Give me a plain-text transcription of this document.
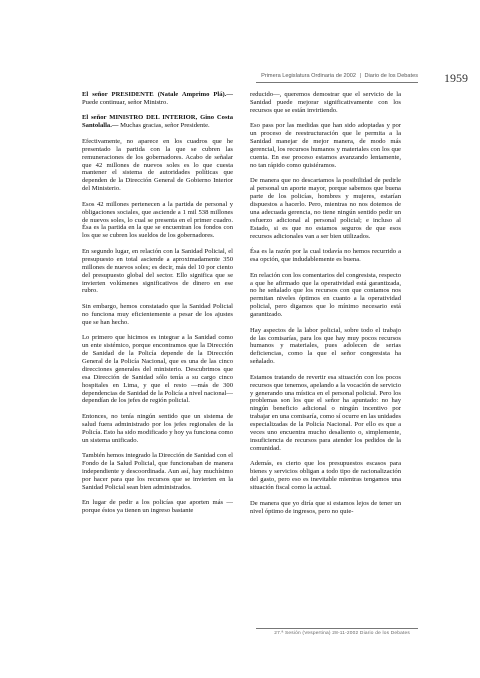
Primera Legislatura Ordinaria de 2002 | Diario de los Debates 1959

El señor PRESIDENTE (Natale Amprimo Plá).— Puede continuar, señor Ministro.

El señor MINISTRO DEL INTERIOR, Gino Costa Santolalla.— Muchas gracias, señor Presidente.

Efectivamente, no aparece en los cuadros que he presentado la partida con la que se cubren las remuneraciones de los gobernadores. Acabo de señalar que 42 millones de nuevos soles es lo que cuesta mantener el sistema de autoridades políticas que dependen de la Dirección General de Gobierno Interior del Ministerio.

Esos 42 millones pertenecen a la partida de personal y obligaciones sociales, que asciende a 1 mil 538 millones de nuevos soles, lo cual se presenta en el primer cuadro. Ésa es la partida en la que se encuentran los fondos con los que se cubren los sueldos de los gobernadores.

En segundo lugar, en relación con la Sanidad Policial, el presupuesto en total asciende a aproximadamente 350 millones de nuevos soles; es decir, más del 10 por ciento del presupuesto global del sector. Ello significa que se invierten volúmenes significativos de dinero en ese rubro.

Sin embargo, hemos constatado que la Sanidad Policial no funciona muy eficientemente a pesar de los ajustes que se han hecho.

Lo primero que hicimos es integrar a la Sanidad como un ente sistémico, porque encontramos que la Dirección de Sanidad de la Policía depende de la Dirección General de la Policía Nacional, que es una de las cinco direcciones generales del ministerio. Descubrimos que esa Dirección de Sanidad sólo tenía a su cargo cinco hospitales en Lima, y que el resto —más de 300 dependencias de Sanidad de la Policía a nivel nacional— dependían de los jefes de región policial.

Entonces, no tenía ningún sentido que un sistema de salud fuera administrado por los jefes regionales de la Policía. Esto ha sido modificado y hoy ya funciona como un sistema unificado.

También hemos integrado la Dirección de Sanidad con el Fondo de la Salud Policial, que funcionaban de manera independiente y descoordinada. Aun así, hay muchísimo por hacer para que los recursos que se invierten en la Sanidad Policial sean bien administrados.

En lugar de pedir a los policías que aporten más —porque éstos ya tienen un ingreso bastante

reducido—, queremos demostrar que el servicio de la Sanidad puede mejorar significativamente con los recursos que se están invirtiendo.

Eso pass por las medidas que han sido adoptadas y por un proceso de reestructuración que le permita a la Sanidad manejar de mejor manera, de modo más gerencial, los recursos humanos y materiales con los que cuenta. En ese proceso estamos avanzando lentamente, no tan rápido como quisiéramos.

De manera que no descartamos la posibilidad de pedirle al personal un aporte mayor, porque sabemos que buena parte de los policías, hombres y mujeres, estarían dispuestos a hacerlo. Pero, mientras no nos dotemos de una adecuada gerencia, no tiene ningún sentido pedir un esfuerzo adicional al personal policial; e incluso al Estado, si es que no estamos seguros de que esos recursos adicionales van a ser bien utilizados.

Ésa es la razón por la cual todavía no hemos recurrido a esa opción, que indudablemente es buena.

En relación con los comentarios del congresista, respecto a que he afirmado que la operatividad está garantizada, no he señalado que los recursos con que contamos nos permitan niveles óptimos en cuanto a la operatividad policial, pero digamos que lo mínimo necesario está garantizado.

Hay aspectos de la labor policial, sobre todo el trabajo de las comisarías, para los que hay muy pocos recursos humanos y materiales, pues adolecen de serias deficiencias, como la que el señor congresista ha señalado.

Estamos tratando de revertir esa situación con los pocos recursos que tenemos, apelando a la vocación de servicio y generando una mística en el personal policial. Pero los problemas son los que el señor ha apuntado: no hay ningún beneficio adicional o ningún incentivo por trabajar en una comisaría, como sí ocurre en las unidades especializadas de la Policía Nacional. Por ello es que a veces uno encuentra mucho desaliento o, simplemente, insuficiencia de recursos para atender los pedidos de la comunidad.

Además, es cierto que los presupuestos escasos para bienes y servicios obligan a todo tipo de racionalización del gasto, pero eso es inevitable mientras tengamos una situación fiscal como la actual.

De manera que yo diría que si estamos lejos de tener un nivel óptimo de ingresos, pero no quie-

27.ª Sesión (Vespertina) 28-11-2002 Diario de los Debates
